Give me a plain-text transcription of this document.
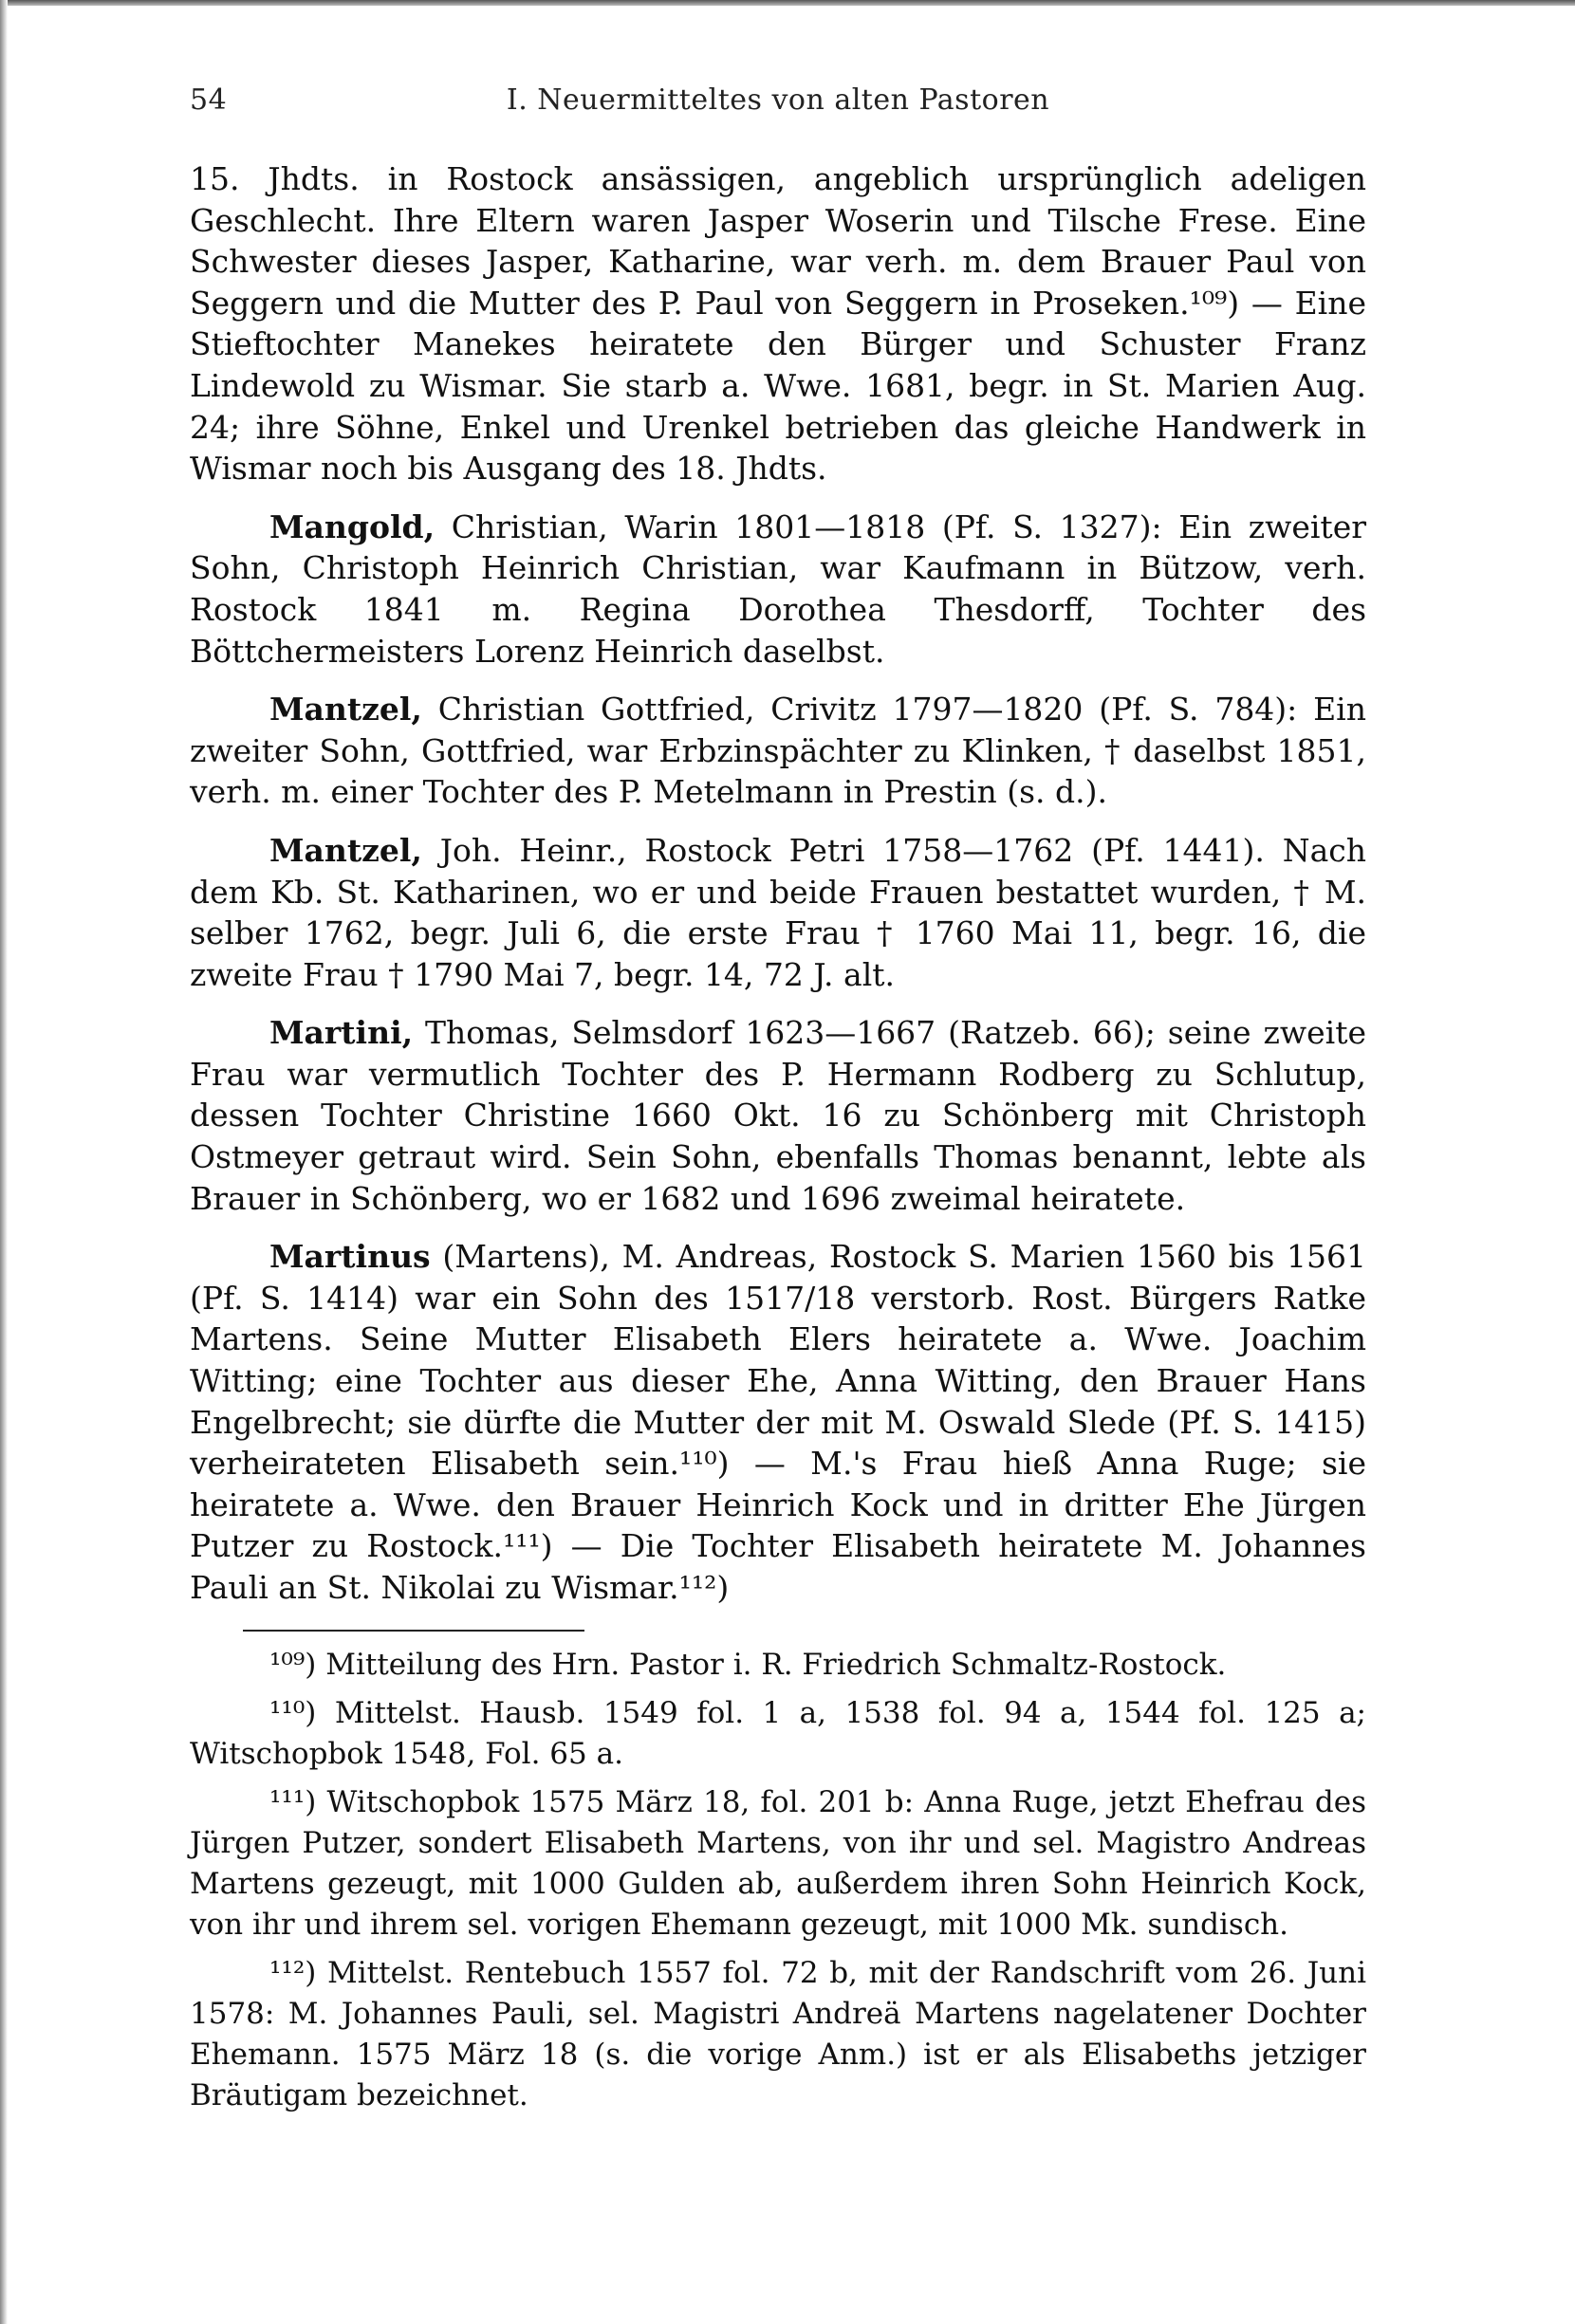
54	I. Neuermitteltes von alten Pastoren

15. Jhdts. in Rostock ansässigen, angeblich ursprünglich adeligen Geschlecht. Ihre Eltern waren Jasper Woserin und Tilsche Frese. Eine Schwester dieses Jasper, Katharine, war verh. m. dem Brauer Paul von Seggern und die Mutter des P. Paul von Seggern in Proseken.¹⁰⁹) — Eine Stieftochter Manekes heiratete den Bürger und Schuster Franz Lindewold zu Wismar. Sie starb a. Wwe. 1681, begr. in St. Marien Aug. 24; ihre Söhne, Enkel und Urenkel betrieben das gleiche Handwerk in Wismar noch bis Ausgang des 18. Jhdts.

Mangold, Christian, Warin 1801—1818 (Pf. S. 1327): Ein zweiter Sohn, Christoph Heinrich Christian, war Kaufmann in Bützow, verh. Rostock 1841 m. Regina Dorothea Thesdorff, Tochter des Böttchermeisters Lorenz Heinrich daselbst.

Mantzel, Christian Gottfried, Crivitz 1797—1820 (Pf. S. 784): Ein zweiter Sohn, Gottfried, war Erbzinspächter zu Klinken, † daselbst 1851, verh. m. einer Tochter des P. Metelmann in Prestin (s. d.).

Mantzel, Joh. Heinr., Rostock Petri 1758—1762 (Pf. 1441). Nach dem Kb. St. Katharinen, wo er und beide Frauen bestattet wurden, † M. selber 1762, begr. Juli 6, die erste Frau † 1760 Mai 11, begr. 16, die zweite Frau † 1790 Mai 7, begr. 14, 72 J. alt.

Martini, Thomas, Selmsdorf 1623—1667 (Ratzeb. 66); seine zweite Frau war vermutlich Tochter des P. Hermann Rodberg zu Schlutup, dessen Tochter Christine 1660 Okt. 16 zu Schönberg mit Christoph Ostmeyer getraut wird. Sein Sohn, ebenfalls Thomas benannt, lebte als Brauer in Schönberg, wo er 1682 und 1696 zweimal heiratete.

Martinus (Martens), M. Andreas, Rostock S. Marien 1560 bis 1561 (Pf. S. 1414) war ein Sohn des 1517/18 verstorb. Rost. Bürgers Ratke Martens. Seine Mutter Elisabeth Elers heiratete a. Wwe. Joachim Witting; eine Tochter aus dieser Ehe, Anna Witting, den Brauer Hans Engelbrecht; sie dürfte die Mutter der mit M. Oswald Slede (Pf. S. 1415) verheirateten Elisabeth sein.¹¹⁰) — M.'s Frau hieß Anna Ruge; sie heiratete a. Wwe. den Brauer Heinrich Kock und in dritter Ehe Jürgen Putzer zu Rostock.¹¹¹) — Die Tochter Elisabeth heiratete M. Johannes Pauli an St. Nikolai zu Wismar.¹¹²)

¹⁰⁹) Mitteilung des Hrn. Pastor i. R. Friedrich Schmaltz-Rostock.

¹¹⁰) Mittelst. Hausb. 1549 fol. 1 a, 1538 fol. 94 a, 1544 fol. 125 a; Witschopbok 1548, Fol. 65 a.

¹¹¹) Witschopbok 1575 März 18, fol. 201 b: Anna Ruge, jetzt Ehefrau des Jürgen Putzer, sondert Elisabeth Martens, von ihr und sel. Magistro Andreas Martens gezeugt, mit 1000 Gulden ab, außerdem ihren Sohn Heinrich Kock, von ihr und ihrem sel. vorigen Ehemann gezeugt, mit 1000 Mk. sundisch.

¹¹²) Mittelst. Rentebuch 1557 fol. 72 b, mit der Randschrift vom 26. Juni 1578: M. Johannes Pauli, sel. Magistri Andreä Martens nagelatener Dochter Ehemann. 1575 März 18 (s. die vorige Anm.) ist er als Elisabeths jetziger Bräutigam bezeichnet.
